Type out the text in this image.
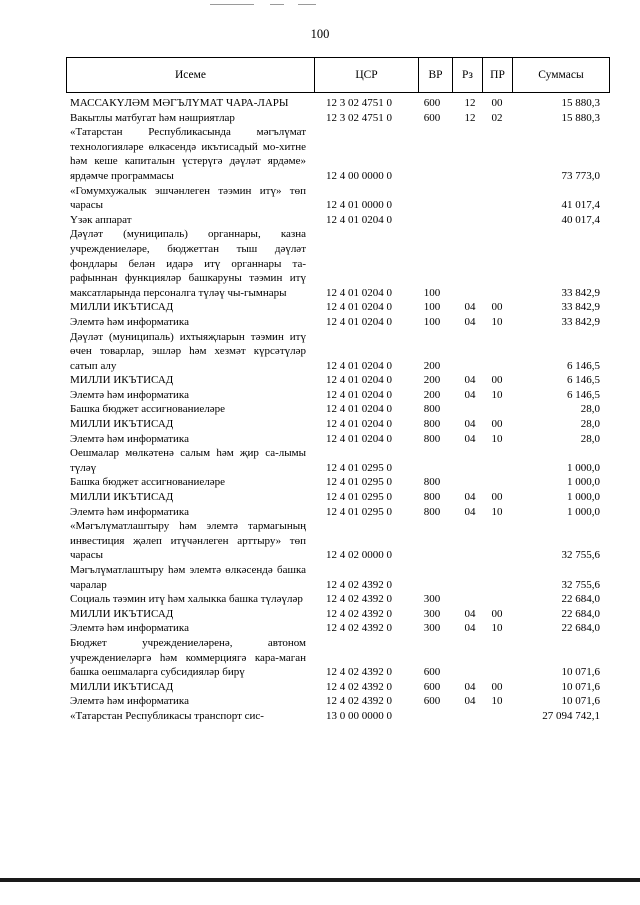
100
Исеме	ЦСР	ВР	Рз	ПР	Суммасы
МАССАКҮЛӘМ МӘГЪЛҮМАТ ЧАРА-ЛАРЫ	12 3 02 4751 0	600	12	00	15 880,3
Вакытлы матбугат һәм нәшриятлар	12 3 02 4751 0	600	12	02	15 880,3
«Татарстан Республикасында мәгълүмат технологияләре өлкәсендә икътисадый мо-хитне һәм кеше капиталын үстерүгә дәүләт ярдәме» ярдәмче программасы	12 4 00 0000 0	73 773,0
«Гомумхужалык эшчәнлеген тәэмин итү» төп чарасы	12 4 01 0000 0	41 017,4
Үзәк аппарат	12 4 01 0204 0	40 017,4
Дәүләт (муниципаль) органнары, казна учреждениеләре, бюджеттан тыш дәүләт фондлары белән идарә итү органнары та-рафыннан функцияләр башкаруны тәэмин итү максатларында персоналга түләү чы-гымнары	12 4 01 0204 0	100	33 842,9
МИЛЛИ ИКЪТИСАД	12 4 01 0204 0	100	04	00	33 842,9
Элемтә һәм информатика	12 4 01 0204 0	100	04	10	33 842,9
Дәүләт (муниципаль) ихтыяҗларын тәэмин итү өчен товарлар, эшләр һәм хезмәт күрсәтүләр сатып алу	12 4 01 0204 0	200	6 146,5
МИЛЛИ ИКЪТИСАД	12 4 01 0204 0	200	04	00	6 146,5
Элемтә һәм информатика	12 4 01 0204 0	200	04	10	6 146,5
Башка бюджет ассигнованиеләре	12 4 01 0204 0	800	28,0
МИЛЛИ ИКЪТИСАД	12 4 01 0204 0	800	04	00	28,0
Элемтә һәм информатика	12 4 01 0204 0	800	04	10	28,0
Оешмалар мөлкәтенә салым һәм җир са-лымы түләү	12 4 01 0295 0	1 000,0
Башка бюджет ассигнованиеләре	12 4 01 0295 0	800	1 000,0
МИЛЛИ ИКЪТИСАД	12 4 01 0295 0	800	04	00	1 000,0
Элемтә һәм информатика	12 4 01 0295 0	800	04	10	1 000,0
«Мәгълүматлаштыру һәм элемтә тармагының инвестиция җәлеп итүчәнлеген арттыру» төп чарасы	12 4 02 0000 0	32 755,6
Мәгълүматлаштыру һәм элемтә өлкәсендә башка чаралар	12 4 02 4392 0	32 755,6
Социаль тәэмин итү һәм халыкка башка түләүләр 12 4 02 4392 0	300	22 684,0
МИЛЛИ ИКЪТИСАД	12 4 02 4392 0	300	04	00	22 684,0
Элемтә һәм информатика	12 4 02 4392 0	300	04	10	22 684,0
Бюджет учреждениеләренә, автоном учреждениеләргә һәм коммерциягә кара-маган башка оешмаларга субсидияләр бирү	12 4 02 4392 0	600	10 071,6
МИЛЛИ ИКЪТИСАД	12 4 02 4392 0	600	04	00	10 071,6
Элемтә һәм информатика	12 4 02 4392 0	600	04	10	10 071,6
«Татарстан Республикасы транспорт сис-	13 0 00 0000 0	27 094 742,1
